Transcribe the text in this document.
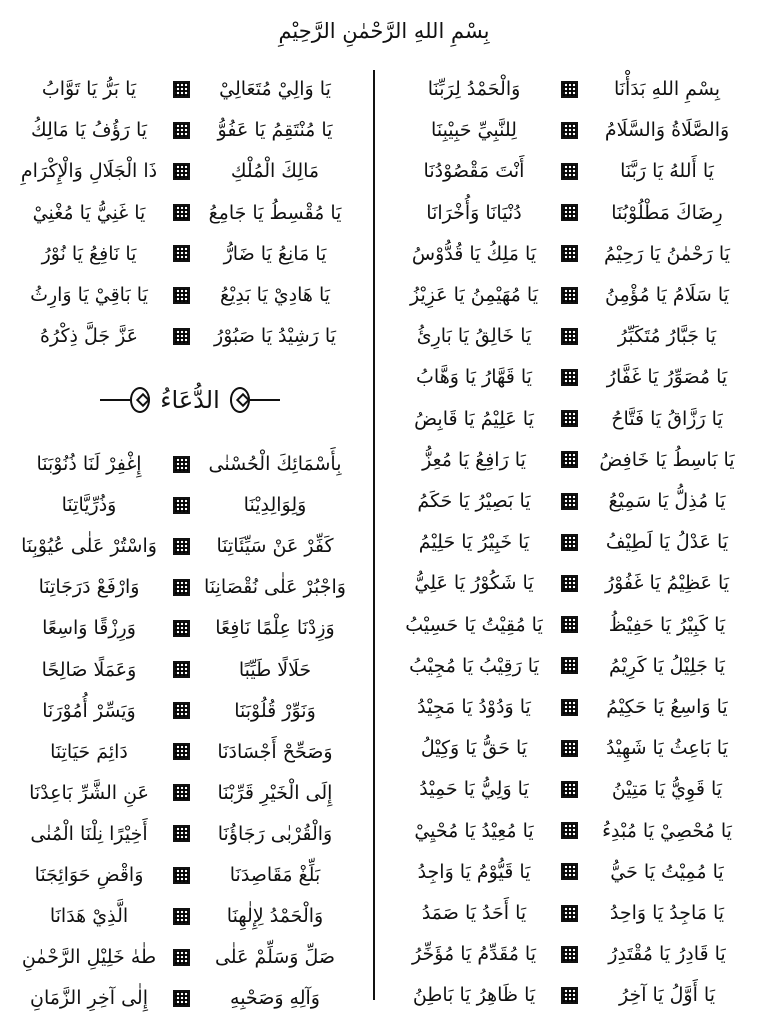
بِسْمِ اللهِ الرَّحْمٰنِ الرَّحِيْمِ
بِسْمِ اللهِ بَدَأْنَا
وَالْحَمْدُ لِرَبِّنَا
وَالصَّلَاةُ وَالسَّلَامُ
لِلنَّبِيِّ حَبِيْبِنَا
يَا أَللهُ يَا رَبَّنَا
أَنْتَ مَقْصُوْدُنَا
رِضَاكَ مَطْلُوْبُنَا
دُنْيَانَا وَأُخْرَانَا
يَا رَحْمٰنُ يَا رَحِيْمُ
يَا مَلِكُ يَا قُدُّوْسُ
يَا سَلَامُ يَا مُؤْمِنُ
يَا مُهَيْمِنُ يَا عَزِيْزُ
يَا جَبَّارُ مُتَكَبِّرُ
يَا خَالِقُ يَا بَارِئُ
يَا مُصَوِّرُ يَا غَفَّارُ
يَا قَهَّارُ يَا وَهَّابُ
يَا رَزَّاقُ يَا فَتَّاحُ
يَا عَلِيْمُ يَا قَابِضُ
يَا بَاسِطُ يَا خَافِضُ
يَا رَافِعُ يَا مُعِزُّ
يَا مُذِلُّ يَا سَمِيْعُ
يَا بَصِيْرُ يَا حَكَمُ
يَا عَدْلُ يَا لَطِيْفُ
يَا خَبِيْرُ يَا حَلِيْمُ
يَا عَظِيْمُ يَا غَفُوْرُ
يَا شَكُوْرُ يَا عَلِيُّ
يَا كَبِيْرُ يَا حَفِيْظُ
يَا مُقِيْتُ يَا حَسِيْبُ
يَا جَلِيْلُ يَا كَرِيْمُ
يَا رَقِيْبُ يَا مُجِيْبُ
يَا وَاسِعُ يَا حَكِيْمُ
يَا وَدُوْدُ يَا مَجِيْدُ
يَا بَاعِثُ يَا شَهِيْدُ
يَا حَقُّ يَا وَكِيْلُ
يَا قَوِيُّ يَا مَتِيْنُ
يَا وَلِيُّ يَا حَمِيْدُ
يَا مُحْصِيْ يَا مُبْدِءُ
يَا مُعِيْدُ يَا مُحْيِيْ
يَا مُمِيْتُ يَا حَيُّ
يَا قَيُّوْمُ يَا وَاجِدُ
يَا مَاجِدُ يَا وَاحِدُ
يَا أَحَدُ يَا صَمَدُ
يَا قَادِرُ يَا مُقْتَدِرُ
يَا مُقَدِّمُ يَا مُؤَخِّرُ
يَا أَوَّلُ يَا آخِرُ
يَا ظَاهِرُ يَا بَاطِنُ
يَا وَالِيْ مُتَعَالِيْ
يَا بَرُّ يَا تَوَّابُ
يَا مُنْتَقِمُ يَا عَفُوُّ
يَا رَؤُفُ يَا مَالِكُ
مَالِكَ الْمُلْكِ
ذَا الْجَلَالِ وَالْإِكْرَامِ
يَا مُقْسِطُ يَا جَامِعُ
يَا غَنِيُّ يَا مُغْنِيْ
يَا مَانِعُ يَا ضَارُّ
يَا نَافِعُ يَا نُوْرُ
يَا هَادِيْ يَا بَدِيْعُ
يَا بَاقِيْ يَا وَارِثُ
يَا رَشِيْدُ يَا صَبُوْرُ
عَزَّ جَلَّ ذِكْرُهُ
بِأَسْمَائِكَ الْحُسْنٰى
إِغْفِرْ لَنَا ذُنُوْبَنَا
وَلِوَالِدِيْنَا
وَذُرِّيَّاتِنَا
كَفِّرْ عَنْ سَيِّئَاتِنَا
وَاسْتُرْ عَلٰى عُيُوْبِنَا
وَاجْبُرْ عَلٰى نُقْصَانِنَا
وَارْفَعْ دَرَجَاتِنَا
وَزِدْنَا عِلْمًا نَافِعًا
وَرِزْقًا وَاسِعًا
حَلَالًا طَيِّبًا
وَعَمَلًا صَالِحًا
وَنَوِّرْ قُلُوْبَنَا
وَيَسِّرْ أُمُوْرَنَا
وَصَحِّحْ أَجْسَادَنَا
دَائِمَ حَيَاتِنَا
إِلَى الْخَيْرِ قَرِّبْنَا
عَنِ الشَّرِّ بَاعِدْنَا
وَالْقُرْبٰى رَجَاؤُنَا
أَخِيْرًا نِلْنَا الْمُنٰى
بَلِّغْ مَقَاصِدَنَا
وَاقْضِ حَوَائِجَنَا
وَالْحَمْدُ لِإِلٰهِنَا
الَّذِيْ هَدَانَا
صَلِّ وَسَلِّمْ عَلٰى
طٰهٰ خَلِيْلِ الرَّحْمٰنِ
وَآلِهِ وَصَحْبِهِ
إِلٰى آخِرِ الزَّمَانِ
الدُّعَاءُ
